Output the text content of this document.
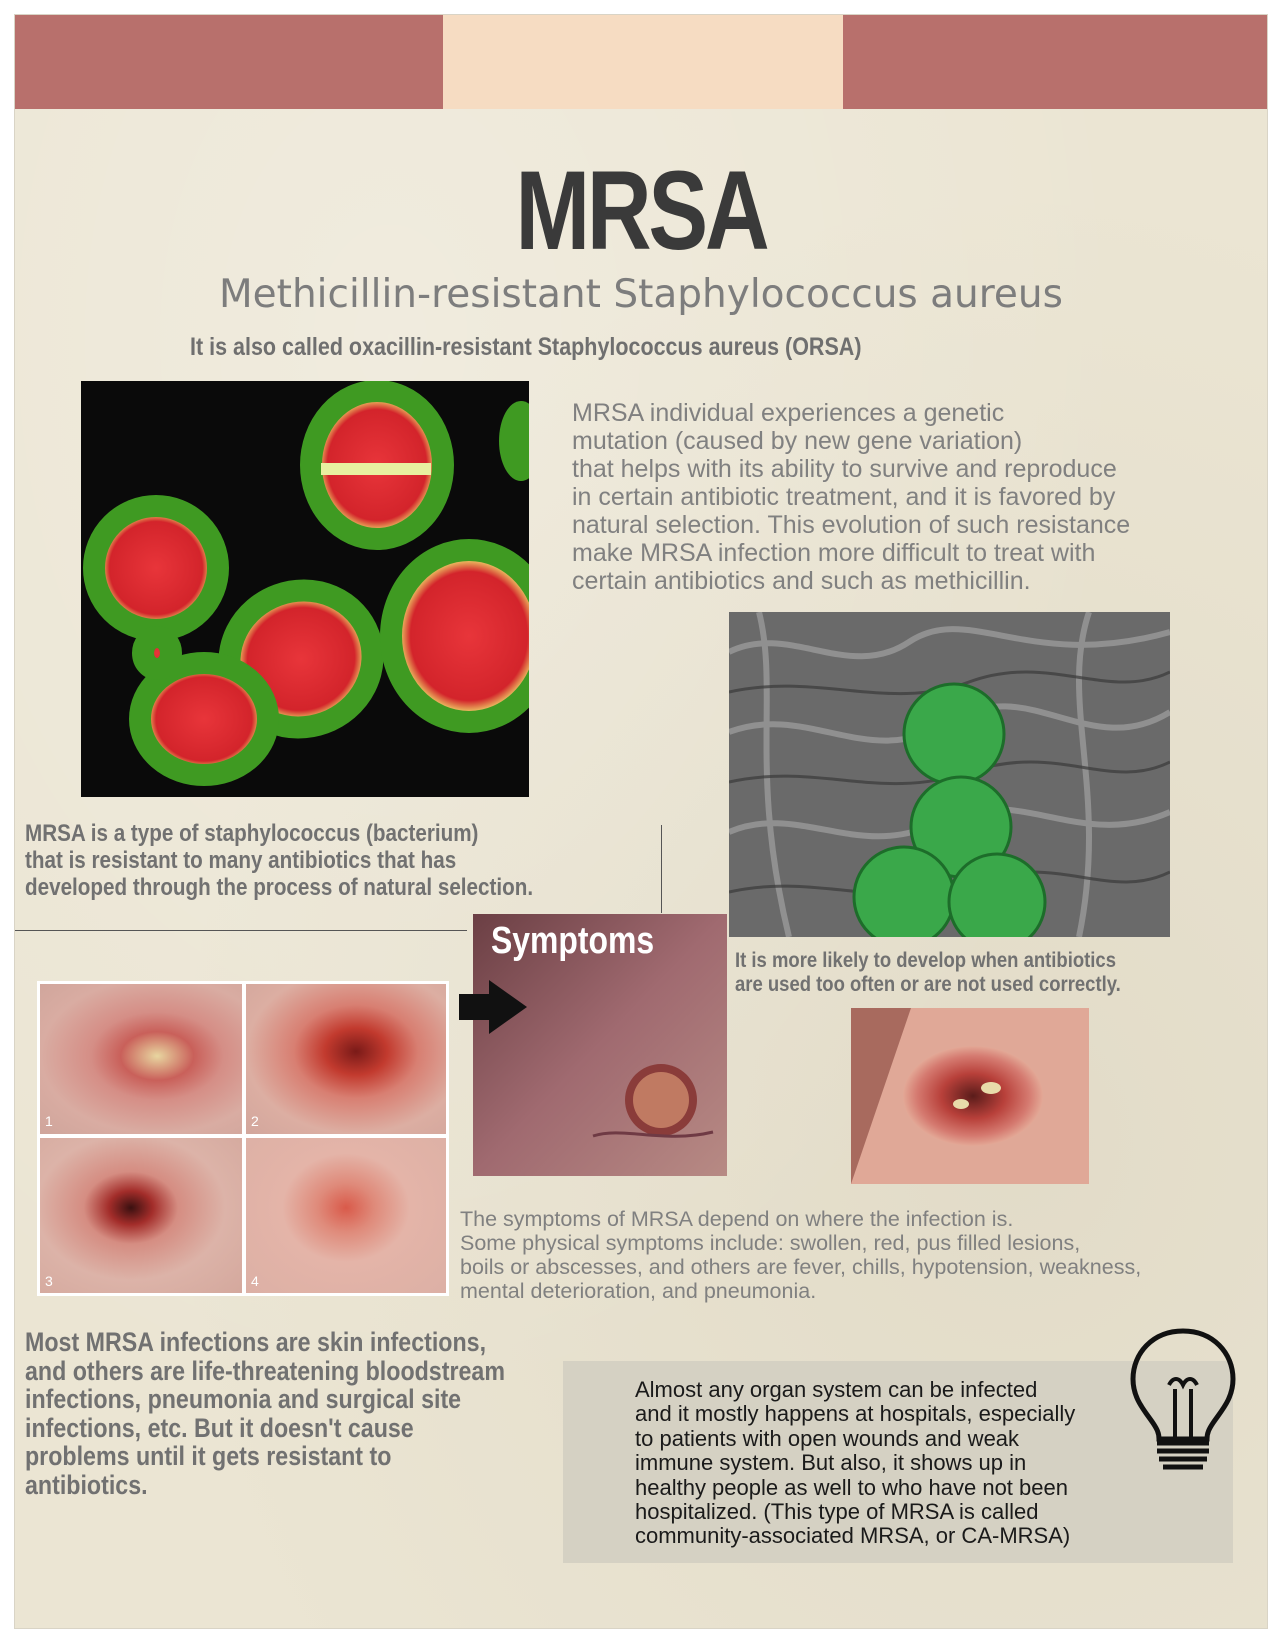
MRSA
Methicillin-resistant Staphylococcus aureus
It is also called oxacillin-resistant Staphylococcus aureus (ORSA)
MRSA individual experiences a genetic
mutation (caused by new gene variation)
that helps with its ability to survive and reproduce
in certain antibiotic treatment, and it is favored by
natural selection. This evolution of such resistance
make MRSA infection more difficult to treat with
certain antibiotics and such as methicillin.
MRSA is a type of staphylococcus (bacterium)
that is resistant to many antibiotics that has
developed through the process of natural selection.
Symptoms	It is more likely to develop when antibiotics
are used too often or are not used correctly.
1	2
3	4
The symptoms of MRSA depend on where the infection is.
Some physical symptoms include: swollen, red, pus filled lesions,
boils or abscesses, and others are fever, chills, hypotension, weakness,
mental deterioration, and pneumonia.
Most MRSA infections are skin infections,
and others are life-threatening bloodstream
infections, pneumonia and surgical site
infections, etc. But it doesn't cause
problems until it gets resistant to
antibiotics.
Almost any organ system can be infected
and it mostly happens at hospitals, especially
to patients with open wounds and weak
immune system. But also, it shows up in
healthy people as well to who have not been
hospitalized. (This type of MRSA is called
community-associated MRSA, or CA-MRSA)
